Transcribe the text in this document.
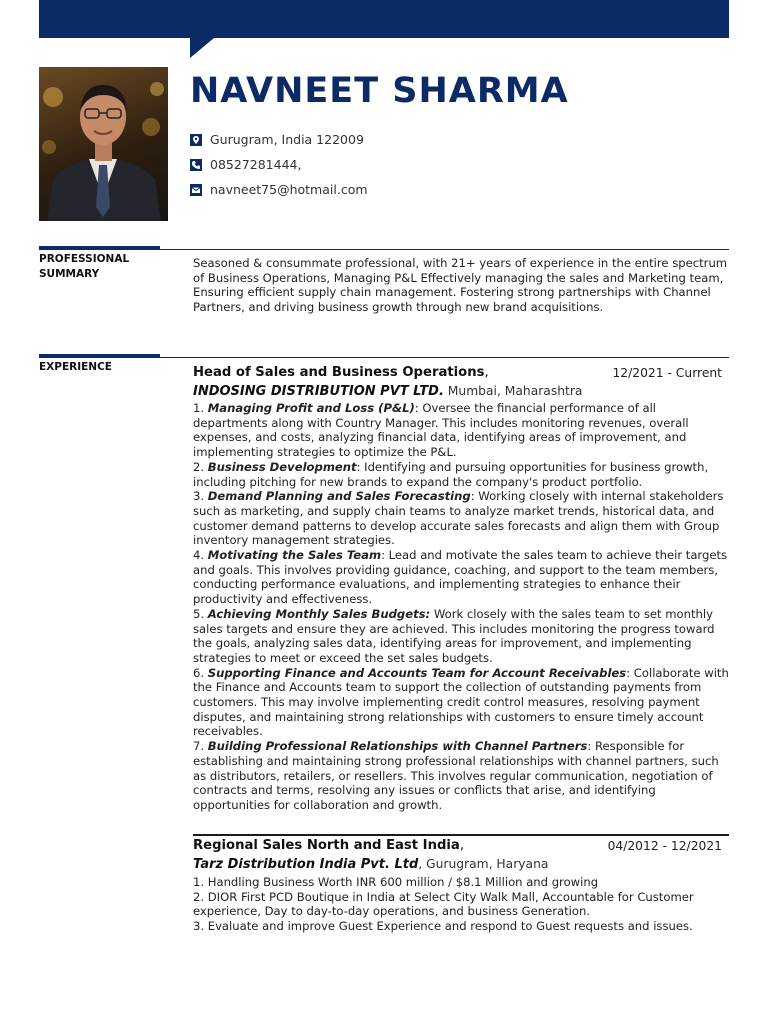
NAVNEET SHARMA
Gurugram, India 122009
08527281444,
navneet75@hotmail.com
PROFESSIONAL
SUMMARY

Seasoned & consummate professional, with 21+ years of experience in the entire spectrum of Business Operations, Managing P&L Effectively managing the sales and Marketing team, Ensuring efficient supply chain management. Fostering strong partnerships with Channel Partners, and driving business growth through new brand acquisitions.

EXPERIENCE	Head of Sales and Business Operations,	12/2021 - Current
INDOSING DISTRIBUTION PVT LTD. Mumbai, Maharashtra

1. Managing Profit and Loss (P&L): Oversee the financial performance of all departments along with Country Manager. This includes monitoring revenues, overall expenses, and costs, analyzing financial data, identifying areas of improvement, and implementing strategies to optimize the P&L.

2. Business Development: Identifying and pursuing opportunities for business growth, including pitching for new brands to expand the company's product portfolio.

3. Demand Planning and Sales Forecasting: Working closely with internal stakeholders such as marketing, and supply chain teams to analyze market trends, historical data, and customer demand patterns to develop accurate sales forecasts and align them with Group inventory management strategies.

4. Motivating the Sales Team: Lead and motivate the sales team to achieve their targets and goals. This involves providing guidance, coaching, and support to the team members, conducting performance evaluations, and implementing strategies to enhance their productivity and effectiveness.

5. Achieving Monthly Sales Budgets: Work closely with the sales team to set monthly sales targets and ensure they are achieved. This includes monitoring the progress toward the goals, analyzing sales data, identifying areas for improvement, and implementing strategies to meet or exceed the set sales budgets.

6. Supporting Finance and Accounts Team for Account Receivables: Collaborate with the Finance and Accounts team to support the collection of outstanding payments from customers. This may involve implementing credit control measures, resolving payment disputes, and maintaining strong relationships with customers to ensure timely account receivables.

7. Building Professional Relationships with Channel Partners: Responsible for establishing and maintaining strong professional relationships with channel partners, such as distributors, retailers, or resellers. This involves regular communication, negotiation of contracts and terms, resolving any issues or conflicts that arise, and identifying opportunities for collaboration and growth.

Regional Sales North and East India,	04/2012 - 12/2021
Tarz Distribution India Pvt. Ltd, Gurugram, Haryana

1. Handling Business Worth INR 600 million / $8.1 Million and growing

2. DIOR First PCD Boutique in India at Select City Walk Mall, Accountable for Customer experience, Day to day-to-day operations, and business Generation.

3. Evaluate and improve Guest Experience and respond to Guest requests and issues.
